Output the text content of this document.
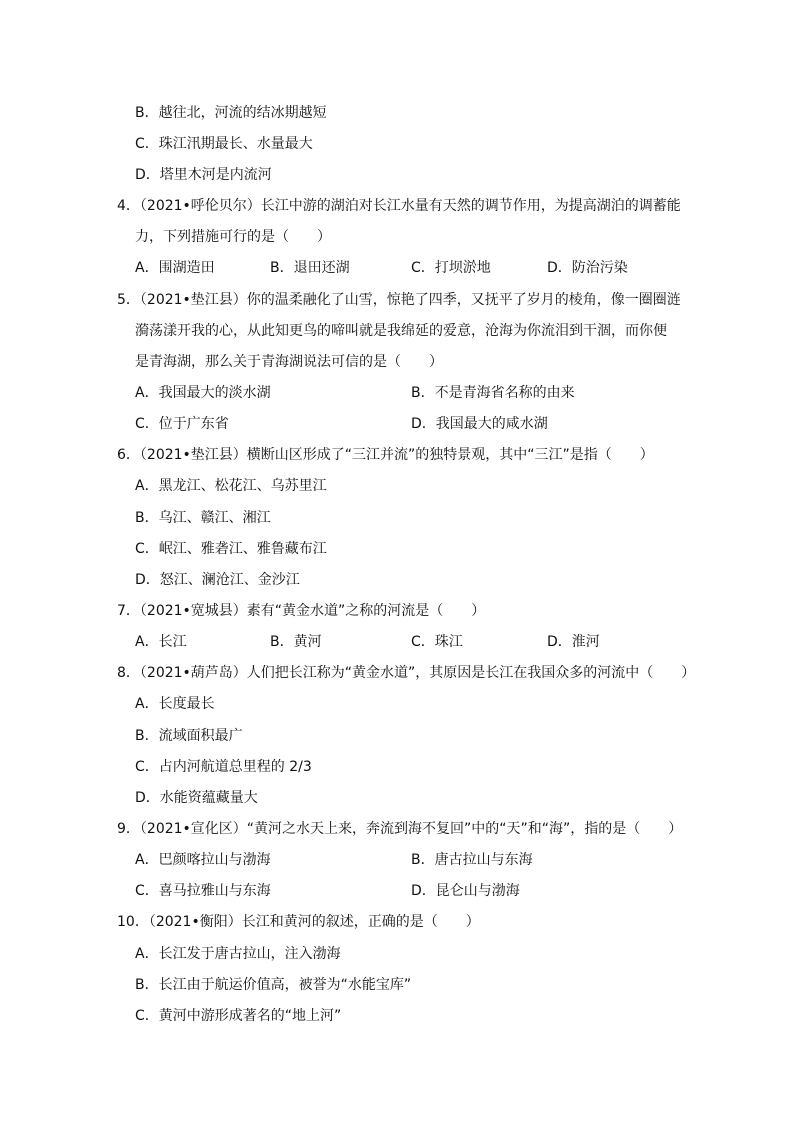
B．越往北，河流的结冰期越短
C．珠江汛期最长、水量最大
D．塔里木河是内流河
4．（2021•呼伦贝尔）长江中游的湖泊对长江水量有天然的调节作用，为提高湖泊的调蓄能
力，下列措施可行的是（　　）
A．围湖造田	B．退田还湖	C．打坝淤地	D．防治污染
5．（2021•垫江县）你的温柔融化了山雪，惊艳了四季，又抚平了岁月的棱角，像一圈圈涟
漪荡漾开我的心，从此知更鸟的啼叫就是我绵延的爱意，沧海为你流泪到干涸，而你便
是青海湖，那么关于青海湖说法可信的是（　　）
A．我国最大的淡水湖	B．不是青海省名称的由来
C．位于广东省	D．我国最大的咸水湖
6．（2021•垫江县）横断山区形成了“三江并流”的独特景观，其中“三江”是指（　　）
A．黑龙江、松花江、乌苏里江
B．乌江、赣江、湘江
C．岷江、雅砻江、雅鲁藏布江
D．怒江、澜沧江、金沙江
7．（2021•宽城县）素有“黄金水道”之称的河流是（　　）
A．长江	B．黄河	C．珠江	D．淮河
8．（2021•葫芦岛）人们把长江称为“黄金水道”，其原因是长江在我国众多的河流中（　　）
A．长度最长
B．流域面积最广
C．占内河航道总里程的 2/3
D．水能资蕴藏量大
9．（2021•宣化区）“黄河之水天上来，奔流到海不复回”中的“天”和“海”，指的是（　　）
A．巴颜喀拉山与渤海	B．唐古拉山与东海
C．喜马拉雅山与东海	D．昆仑山与渤海
10．（2021•衡阳）长江和黄河的叙述，正确的是（　　）
A．长江发于唐古拉山，注入渤海
B．长江由于航运价值高，被誉为“水能宝库”
C．黄河中游形成著名的“地上河”
